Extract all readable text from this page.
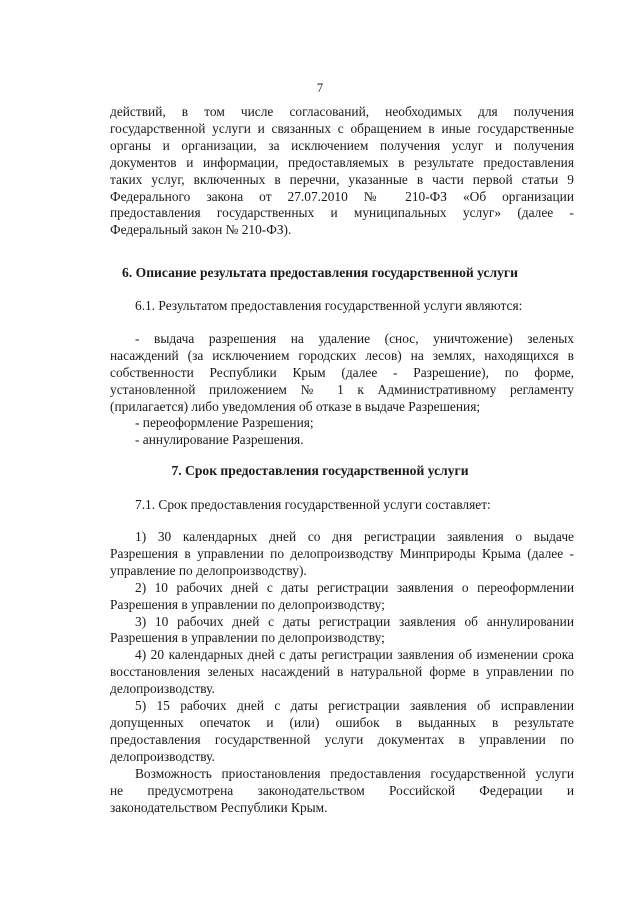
7

действий, в том числе согласований, необходимых для получения

государственной услуги и связанных с обращением в иные государственные

органы и организации, за исключением получения услуг и получения

документов и информации, предоставляемых в результате предоставления

таких услуг, включенных в перечни, указанные в части первой статьи 9

Федерального закона от 27.07.2010 № 210-ФЗ «Об организации

предоставления государственных и муниципальных услуг» (далее -

Федеральный закон № 210-ФЗ).

6. Описание результата предоставления государственной услуги

6.1. Результатом предоставления государственной услуги являются:

- выдача разрешения на удаление (снос, уничтожение) зеленых

насаждений (за исключением городских лесов) на землях, находящихся в

собственности Республики Крым (далее - Разрешение), по форме,

установленной приложением № 1 к Административному регламенту

(прилагается) либо уведомления об отказе в выдаче Разрешения;

- переоформление Разрешения;

- аннулирование Разрешения.

7. Срок предоставления государственной услуги

7.1. Срок предоставления государственной услуги составляет:

1) 30 календарных дней со дня регистрации заявления о выдаче

Разрешения в управлении по делопроизводству Минприроды Крыма (далее -

управление по делопроизводству).

2) 10 рабочих дней с даты регистрации заявления о переоформлении

Разрешения в управлении по делопроизводству;

3) 10 рабочих дней с даты регистрации заявления об аннулировании

Разрешения в управлении по делопроизводству;

4) 20 календарных дней с даты регистрации заявления об изменении срока

восстановления зеленых насаждений в натуральной форме в управлении по

делопроизводству.

5) 15 рабочих дней с даты регистрации заявления об исправлении

допущенных опечаток и (или) ошибок в выданных в результате

предоставления государственной услуги документах в управлении по

делопроизводству.

Возможность приостановления предоставления государственной услуги

не предусмотрена законодательством Российской Федерации и

законодательством Республики Крым.
